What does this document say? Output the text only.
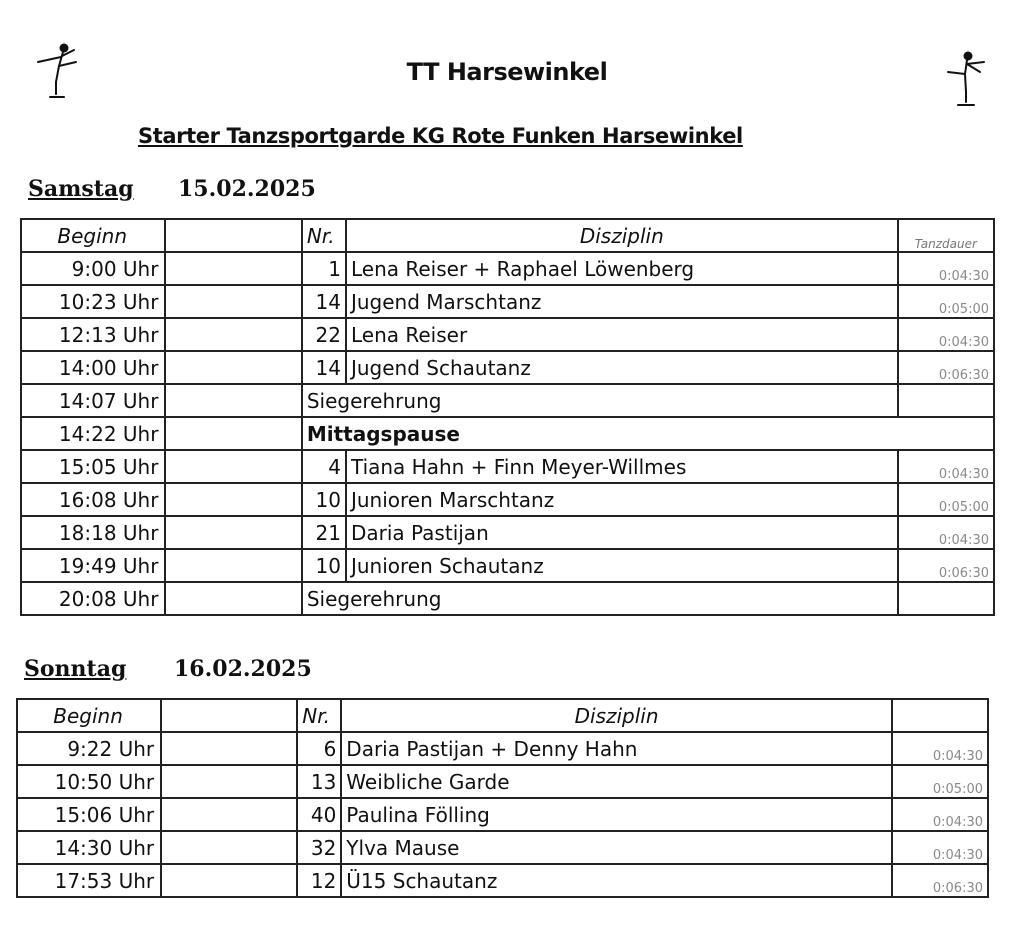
TT Harsewinkel
Starter Tanzsportgarde KG Rote Funken Harsewinkel
Samstag 15.02.2025
Beginn		Nr.	Disziplin	Tanzdauer
9:00 Uhr		1	Lena Reiser + Raphael Löwenberg	0:04:30
10:23 Uhr		14	Jugend Marschtanz	0:05:00
12:13 Uhr		22	Lena Reiser	0:04:30
14:00 Uhr		14	Jugend Schautanz	0:06:30
14:07 Uhr		Siegerehrung		
14:22 Uhr		Mittagspause		
15:05 Uhr		4	Tiana Hahn + Finn Meyer-Willmes	0:04:30
16:08 Uhr		10	Junioren Marschtanz	0:05:00
18:18 Uhr		21	Daria Pastijan	0:04:30
19:49 Uhr		10	Junioren Schautanz	0:06:30
20:08 Uhr		Siegerehrung		
Sonntag 16.02.2025
Beginn		Nr.	Disziplin	
9:22 Uhr		6	Daria Pastijan + Denny Hahn	0:04:30
10:50 Uhr		13	Weibliche Garde	0:05:00
15:06 Uhr		40	Paulina Fölling	0:04:30
14:30 Uhr		32	Ylva Mause	0:04:30
17:53 Uhr		12	Ü15 Schautanz	0:06:30
